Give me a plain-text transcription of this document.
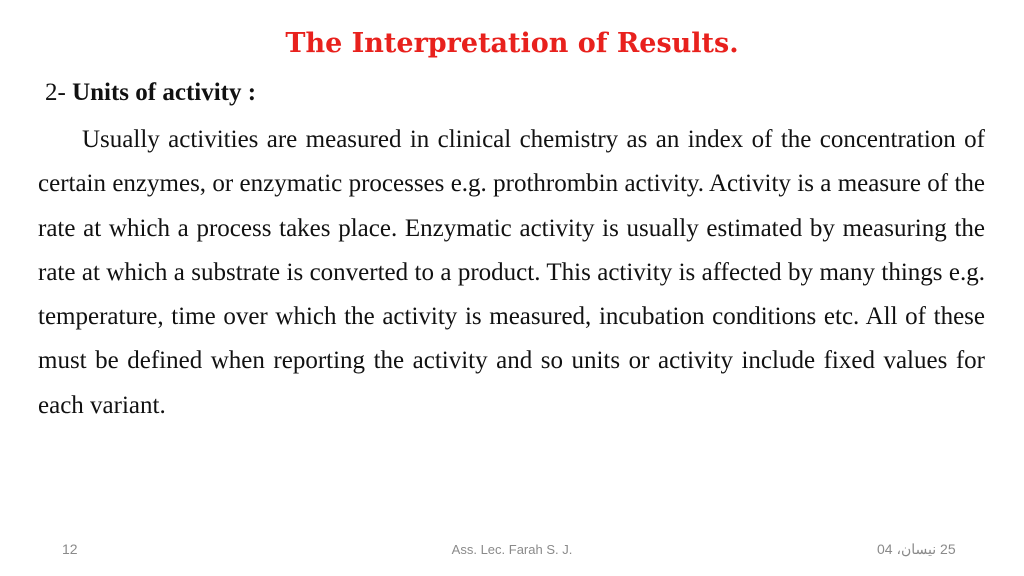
The Interpretation of Results.
2- Units of activity :

Usually activities are measured in clinical chemistry as an index of the concentration of certain enzymes, or enzymatic processes e.g. prothrombin activity. Activity is a measure of the rate at which a process takes place. Enzymatic activity is usually estimated by measuring the rate at which a substrate is converted to a product. This activity is affected by many things e.g. temperature, time over which the activity is measured, incubation conditions etc. All of these must be defined when reporting the activity and so units or activity include fixed values for each variant.

12	Ass. Lec. Farah S. J.	25 نيسان، 04
